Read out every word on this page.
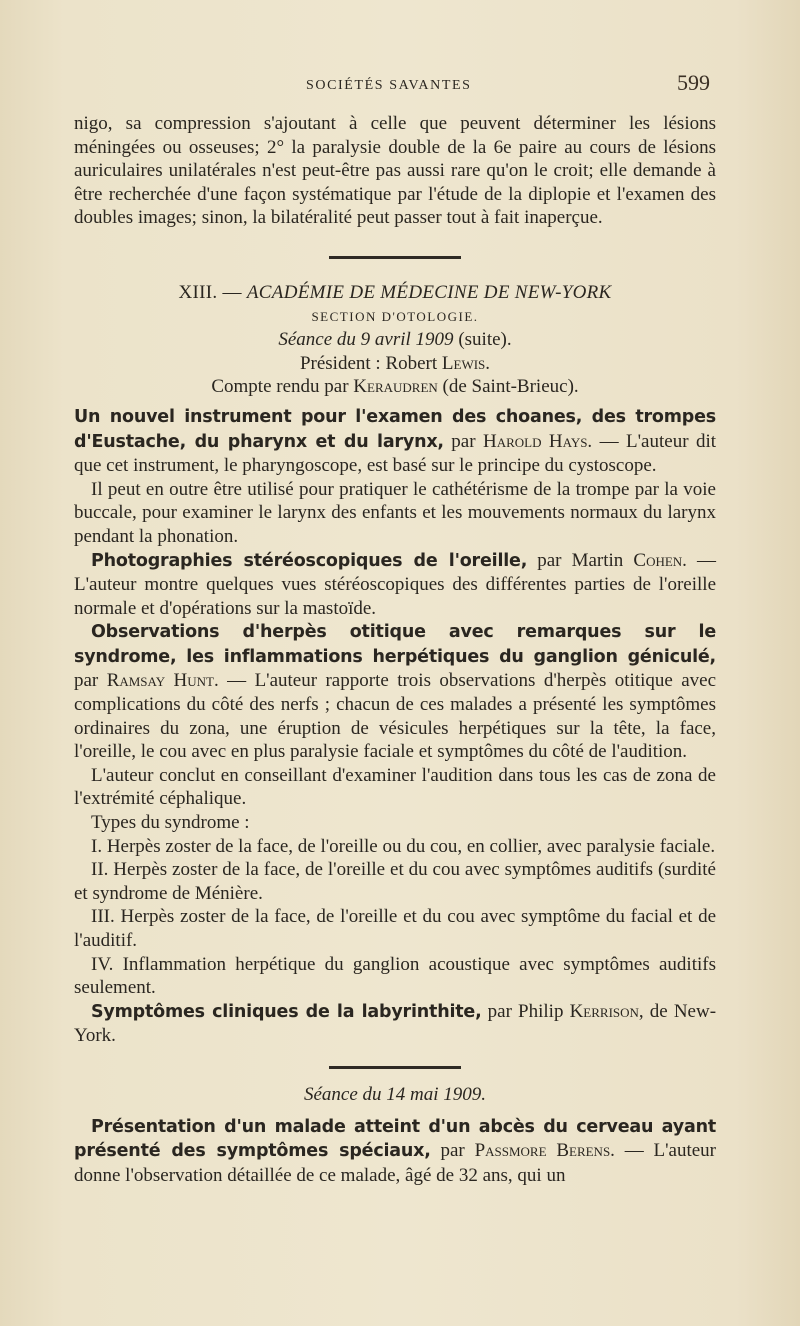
SOCIÉTÉS SAVANTES	599

nigo, sa compression s'ajoutant à celle que peuvent déterminer les lésions méningées ou osseuses; 2° la paralysie double de la 6e paire au cours de lésions auriculaires unilatérales n'est peut-être pas aussi rare qu'on le croit; elle demande à être recherchée d'une façon systématique par l'étude de la diplopie et l'examen des doubles images; sinon, la bilatéralité peut passer tout à fait inaperçue.

XIII. — ACADÉMIE DE MÉDECINE DE NEW-YORK

SECTION D'OTOLOGIE.

Séance du 9 avril 1909 (suite).

Président : Robert Lewis.

Compte rendu par Keraudren (de Saint-Brieuc).

Un nouvel instrument pour l'examen des choanes, des trompes d'Eustache, du pharynx et du larynx, par Harold Hays. — L'auteur dit que cet instrument, le pharyngoscope, est basé sur le principe du cystoscope.

Il peut en outre être utilisé pour pratiquer le cathétérisme de la trompe par la voie buccale, pour examiner le larynx des enfants et les mouvements normaux du larynx pendant la phonation.

Photographies stéréoscopiques de l'oreille, par Martin Cohen. — L'auteur montre quelques vues stéréoscopiques des différentes parties de l'oreille normale et d'opérations sur la mastoïde.

Observations d'herpès otitique avec remarques sur le syndrome, les inflammations herpétiques du ganglion géniculé, par Ramsay Hunt. — L'auteur rapporte trois observations d'herpès otitique avec complications du côté des nerfs ; chacun de ces malades a présenté les symptômes ordinaires du zona, une éruption de vésicules herpétiques sur la tête, la face, l'oreille, le cou avec en plus paralysie faciale et symptômes du côté de l'audition.

L'auteur conclut en conseillant d'examiner l'audition dans tous les cas de zona de l'extrémité céphalique.

Types du syndrome :

I. Herpès zoster de la face, de l'oreille ou du cou, en collier, avec paralysie faciale.

II. Herpès zoster de la face, de l'oreille et du cou avec symptômes auditifs (surdité et syndrome de Ménière.

III. Herpès zoster de la face, de l'oreille et du cou avec symptôme du facial et de l'auditif.

IV. Inflammation herpétique du ganglion acoustique avec symptômes auditifs seulement.

Symptômes cliniques de la labyrinthite, par Philip Kerrison, de New-York.

Séance du 14 mai 1909.

Présentation d'un malade atteint d'un abcès du cerveau ayant présenté des symptômes spéciaux, par Passmore Berens. — L'auteur donne l'observation détaillée de ce malade, âgé de 32 ans, qui un
